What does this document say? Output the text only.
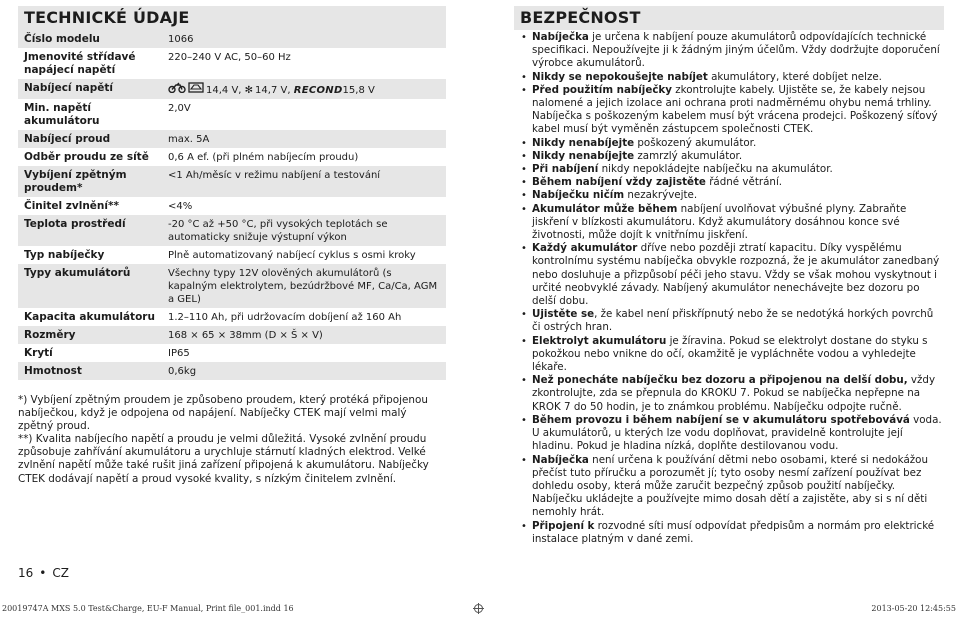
TECHNICKÉ ÚDAJE
Číslo modelu	1066
Jmenovité střídavé napájecí napětí	220–240 V AC, 50–60 Hz
Nabíjecí napětí	14,4 V, ✻ 14,7 V, RECOND15,8 V
Min. napětí akumulátoru	2,0V
Nabíjecí proud	max. 5A
Odběr proudu ze sítě	0,6 A ef. (při plném nabíjecím proudu)
Vybíjení zpětným proudem*	<1 Ah/měsíc v režimu nabíjení a testování
Činitel zvlnění**	<4%
Teplota prostředí	-20 °C až +50 °C, při vysokých teplotách se automaticky snižuje výstupní výkon
Typ nabíječky	Plně automatizovaný nabíjecí cyklus s osmi kroky
Typy akumulátorů	Všechny typy 12V olověných akumulátorů (s kapalným elektrolytem, bezúdržbové MF, Ca/Ca, AGM a GEL)
Kapacita akumulátoru	1.2–110 Ah, při udržovacím dobíjení až 160 Ah
Rozměry	168 × 65 × 38mm (D × Š × V)
Krytí	IP65
Hmotnost	0,6kg

*) Vybíjení zpětným proudem je způsobeno proudem, který protéká připojenou nabíječkou, když je odpojena od napájení. Nabíječky CTEK mají velmi malý zpětný proud.

**) Kvalita nabíjecího napětí a proudu je velmi důležitá. Vysoké zvlnění proudu způsobuje zahřívání akumulátoru a urychluje stárnutí kladných elektrod. Velké zvlnění napětí může také rušit jiná zařízení připojená k akumulátoru. Nabíječky CTEK dodávají napětí a proud vysoké kvality, s nízkým činitelem zvlnění.

BEZPEČNOST
• Nabíječka je určena k nabíjení pouze akumulátorů odpovídajících technické specifikaci. Nepoužívejte ji k žádným jiným účelům. Vždy dodržujte doporučení výrobce akumulátorů.
• Nikdy se nepokoušejte nabíjet akumulátory, které dobíjet nelze.
• Před použitím nabíječky zkontrolujte kabely. Ujistěte se, že kabely nejsou nalomené a jejich izolace ani ochrana proti nadměrnému ohybu nemá trhliny. Nabíječka s poškozeným kabelem musí být vrácena prodejci. Poškozený síťový kabel musí být vyměněn zástupcem společnosti CTEK.
• Nikdy nenabíjejte poškozený akumulátor.
• Nikdy nenabíjejte zamrzlý akumulátor.
• Při nabíjení nikdy nepokládejte nabíječku na akumulátor.
• Během nabíjení vždy zajistěte řádné větrání.
• Nabíječku ničím nezakrývejte.
• Akumulátor může během nabíjení uvolňovat výbušné plyny. Zabraňte jiskření v blízkosti akumulátoru. Když akumulátory dosáhnou konce své životnosti, může dojít k vnitřnímu jiskření.
• Každý akumulátor dříve nebo později ztratí kapacitu. Díky vyspělému kontrolnímu systému nabíječka obvykle rozpozná, že je akumulátor zanedbaný nebo dosluhuje a přizpůsobí péči jeho stavu. Vždy se však mohou vyskytnout i určité neobvyklé závady. Nabíjený akumulátor nenechávejte bez dozoru po delší dobu.
• Ujistěte se, že kabel není přiskřípnutý nebo že se nedotýká horkých povrchů či ostrých hran.
• Elektrolyt akumulátoru je žíravina. Pokud se elektrolyt dostane do styku s pokožkou nebo vnikne do očí, okamžitě je vypláchněte vodou a vyhledejte lékaře.
• Než ponecháte nabíječku bez dozoru a připojenou na delší dobu, vždy zkontrolujte, zda se přepnula do KROKU 7. Pokud se nabíječka nepřepne na KROK 7 do 50 hodin, je to známkou problému. Nabíječku odpojte ručně.
• Během provozu i během nabíjení se v akumulátoru spotřebovává voda. U akumulátorů, u kterých lze vodu doplňovat, pravidelně kontrolujte její hladinu. Pokud je hladina nízká, doplňte destilovanou vodu.
• Nabíječka není určena k používání dětmi nebo osobami, které si nedokážou přečíst tuto příručku a porozumět jí; tyto osoby nesmí zařízení používat bez dohledu osoby, která může zaručit bezpečný způsob použití nabíječky. Nabíječku ukládejte a používejte mimo dosah dětí a zajistěte, aby si s ní děti nemohly hrát.
• Připojení k rozvodné síti musí odpovídat předpisům a normám pro elektrické instalace platným v dané zemi.
16 • CZ
20019747A MXS 5.0 Test&Charge, EU-F Manual, Print file_001.indd 16	2013-05-20 12:45:55
